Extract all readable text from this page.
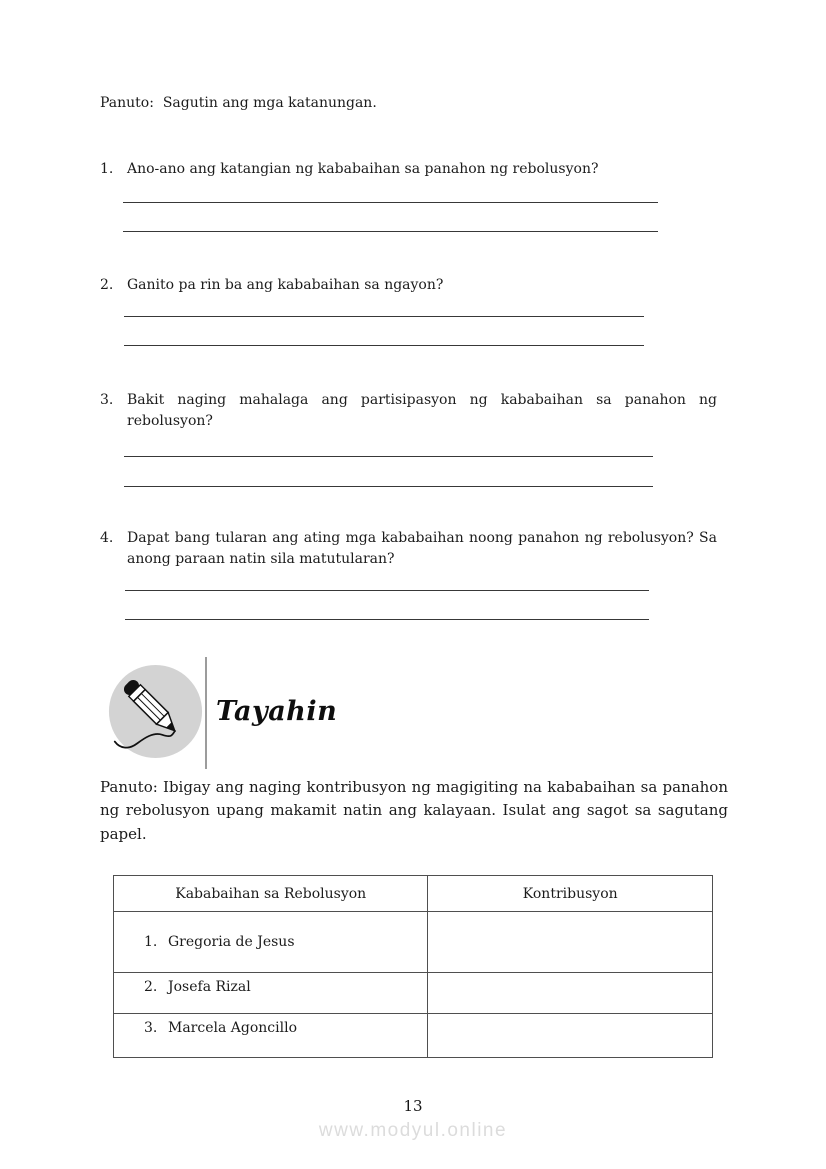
Panuto:  Sagutin ang mga katanungan.
1. Ano-ano ang katangian ng kababaihan sa panahon ng rebolusyon?
2. Ganito pa rin ba ang kababaihan sa ngayon?
3. Bakit naging mahalaga ang partisipasyon ng kababaihan sa panahon ng rebolusyon?
4. Dapat bang tularan ang ating mga kababaihan noong panahon ng rebolusyon? Sa anong paraan natin sila matutularan?
Tayahin
Panuto: Ibigay ang naging kontribusyon ng magigiting na kababaihan sa panahon ng rebolusyon upang makamit natin ang kalayaan. Isulat ang sagot sa sagutang papel.
Kababaihan sa Rebolusyon	Kontribusyon
1. Gregoria de Jesus	
2. Josefa Rizal	
3. Marcela Agoncillo	
13
www.modyul.online
